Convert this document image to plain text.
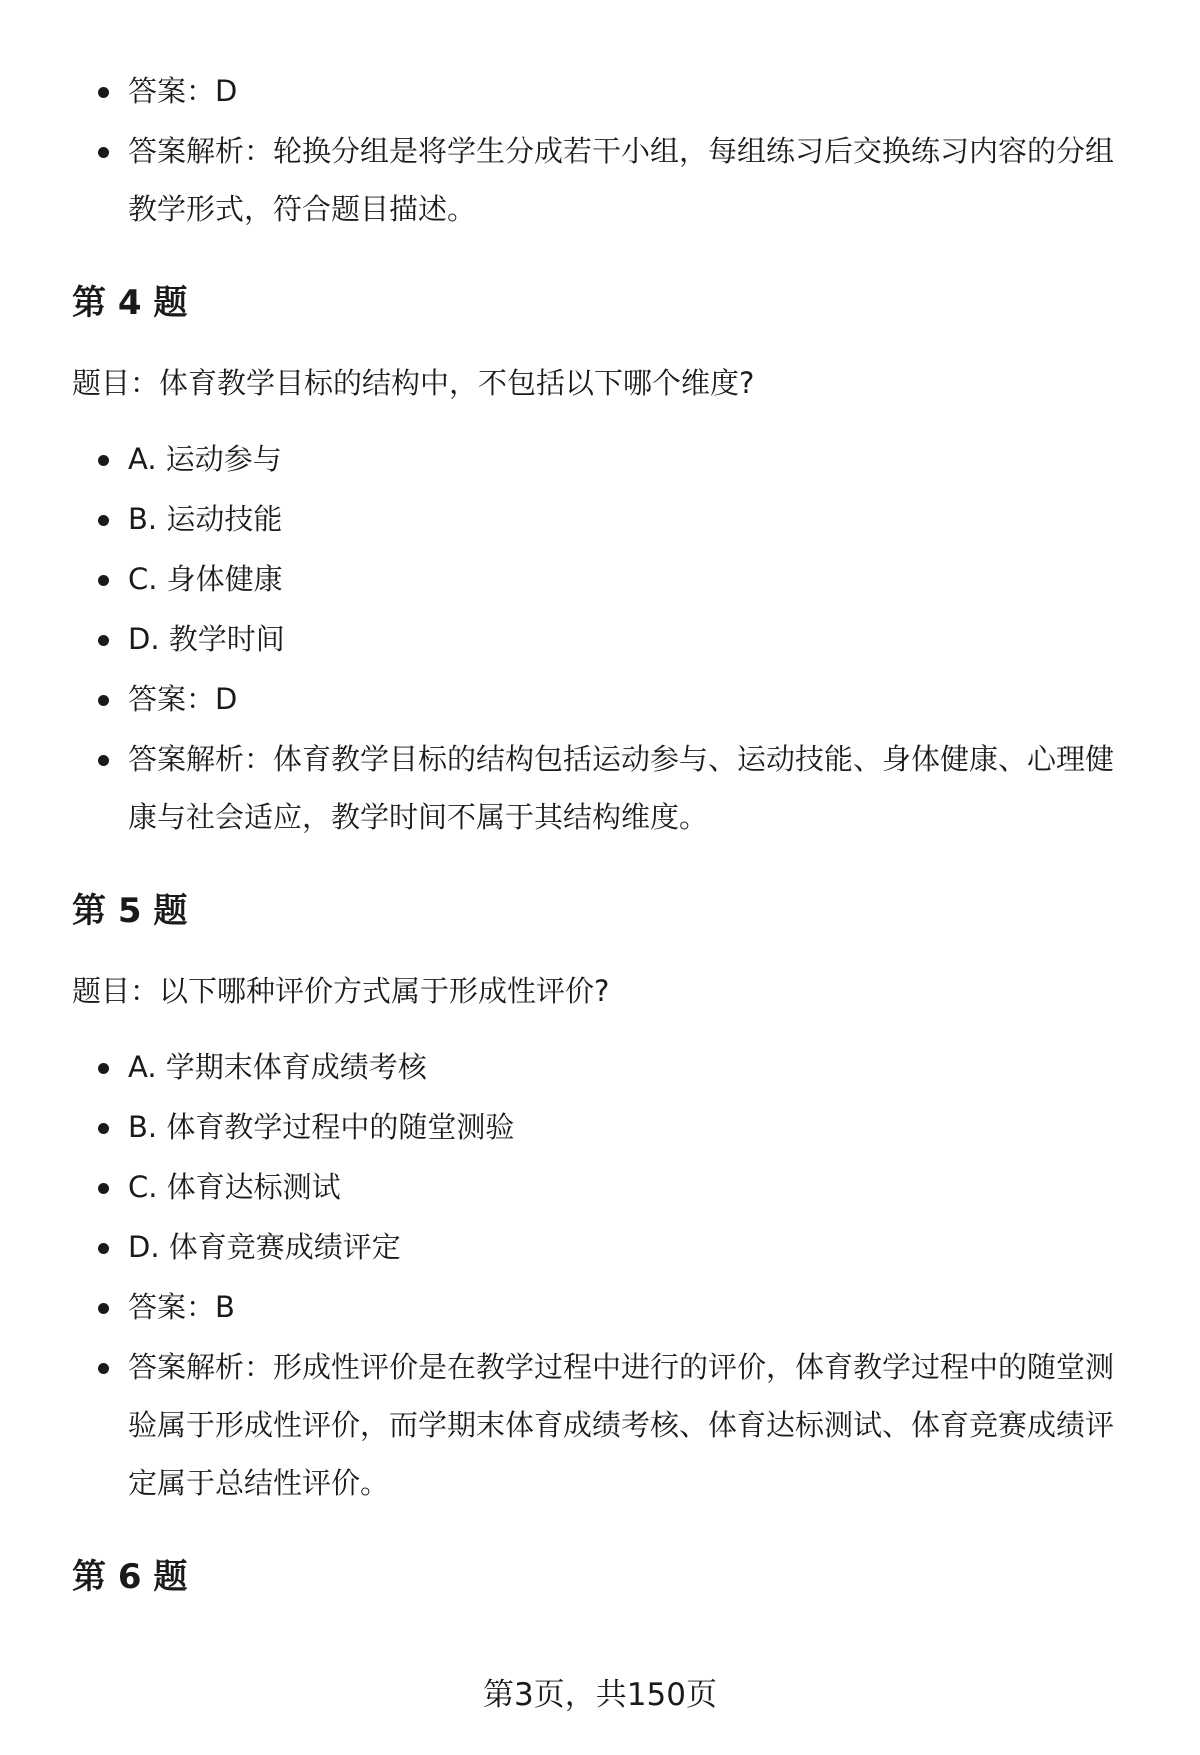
答案：D
答案解析：轮换分组是将学生分成若干小组，每组练习后交换练习内容的分组教学形式，符合题目描述。
第 4 题
题目：体育教学目标的结构中，不包括以下哪个维度?
A. 运动参与
B. 运动技能
C. 身体健康
D. 教学时间
答案：D
答案解析：体育教学目标的结构包括运动参与、运动技能、身体健康、心理健康与社会适应，教学时间不属于其结构维度。
第 5 题
题目：以下哪种评价方式属于形成性评价?
A. 学期末体育成绩考核
B. 体育教学过程中的随堂测验
C. 体育达标测试
D. 体育竞赛成绩评定
答案：B
答案解析：形成性评价是在教学过程中进行的评价，体育教学过程中的随堂测验属于形成性评价，而学期末体育成绩考核、体育达标测试、体育竞赛成绩评定属于总结性评价。
第 6 题
第3页，共150页
